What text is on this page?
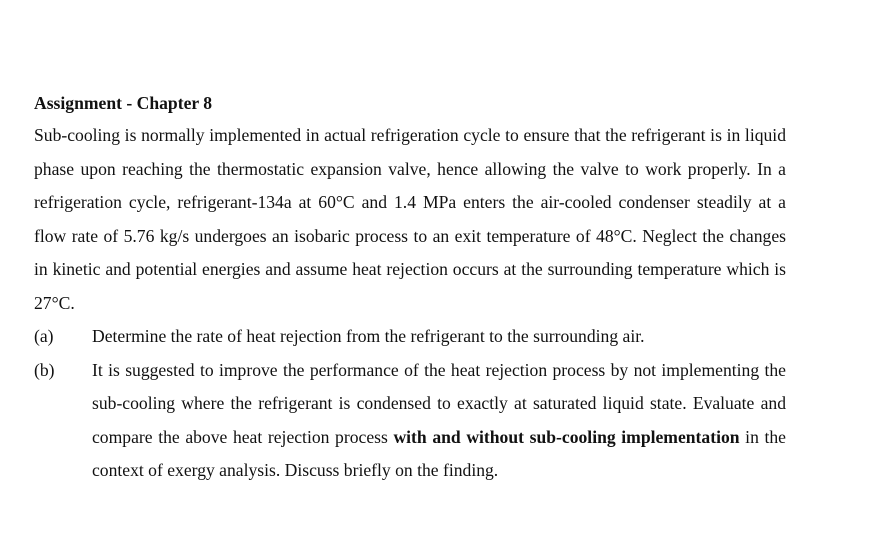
Assignment - Chapter 8
Sub-cooling is normally implemented in actual refrigeration cycle to ensure that the refrigerant is in liquid phase upon reaching the thermostatic expansion valve, hence allowing the valve to work properly. In a refrigeration cycle, refrigerant-134a at 60°C and 1.4 MPa enters the air-cooled condenser steadily at a flow rate of 5.76 kg/s undergoes an isobaric process to an exit temperature of 48°C. Neglect the changes in kinetic and potential energies and assume heat rejection occurs at the surrounding temperature which is 27°C.
(a) Determine the rate of heat rejection from the refrigerant to the surrounding air.
(b) It is suggested to improve the performance of the heat rejection process by not implementing the sub-cooling where the refrigerant is condensed to exactly at saturated liquid state. Evaluate and compare the above heat rejection process with and without sub-cooling implementation in the context of exergy analysis. Discuss briefly on the finding.
